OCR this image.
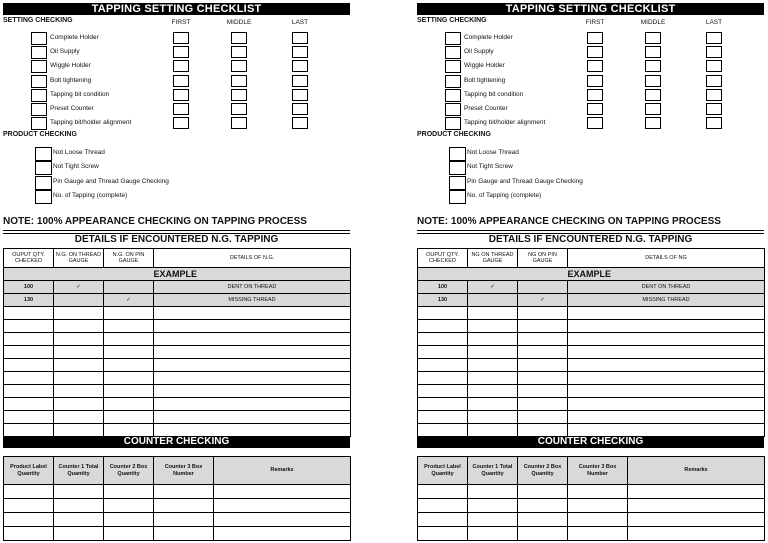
TAPPING SETTING CHECKLIST
SETTING CHECKING	FIRST	MIDDLE	LAST
Complete Holder
Oil Supply
Wiggle Holder
Bolt tightening
Tapping bit condition
Preset Counter
Tapping bit/holder alignment
PRODUCT CHECKING
Not Loose Thread
Not Tight Screw
Pin Gauge and Thread Gauge Checking
No. of Tapping (complete)
NOTE: 100% APPEARANCE CHECKING ON TAPPING PROCESS
DETAILS IF ENCOUNTERED N.G. TAPPING
OUPUT QTY. CHECKED	N.G. ON THREAD GAUGE	N.G. ON PIN GAUGE	DETAILS OF N.G.
			EXAMPLE
100	✓		DENT ON THREAD
130		✓	MISSING THREAD

COUNTER CHECKING
Product Label Quantity	Counter 1 Total Quantity	Counter 2 Box Quantity	Counter 3 Box Number	Remarks

TAPPING SETTING CHECKLIST
SETTING CHECKING	FIRST	MIDDLE	LAST
Complete Holder
Oil Supply
Wiggle Holder
Bolt tightening
Tapping bit condition
Preset Counter
Tapping bit/holder alignment
PRODUCT CHECKING
Not Loose Thread
Not Tight Screw
Pin Gauge and Thread Gauge Checking
No. of Tapping (complete)
NOTE: 100% APPEARANCE CHECKING ON TAPPING PROCESS
DETAILS IF ENCOUNTERED N.G. TAPPING
OUPUT QTY. CHECKED	NG ON THREAD GAUGE	NG ON PIN GAUGE	DETAILS OF NG
			EXAMPLE
100	✓		DENT ON THREAD
130		✓	MISSING THREAD

COUNTER CHECKING
Product Label Quantity	Counter 1 Total Quantity	Counter 2 Box Quantity	Counter 3 Box Number	Remarks
